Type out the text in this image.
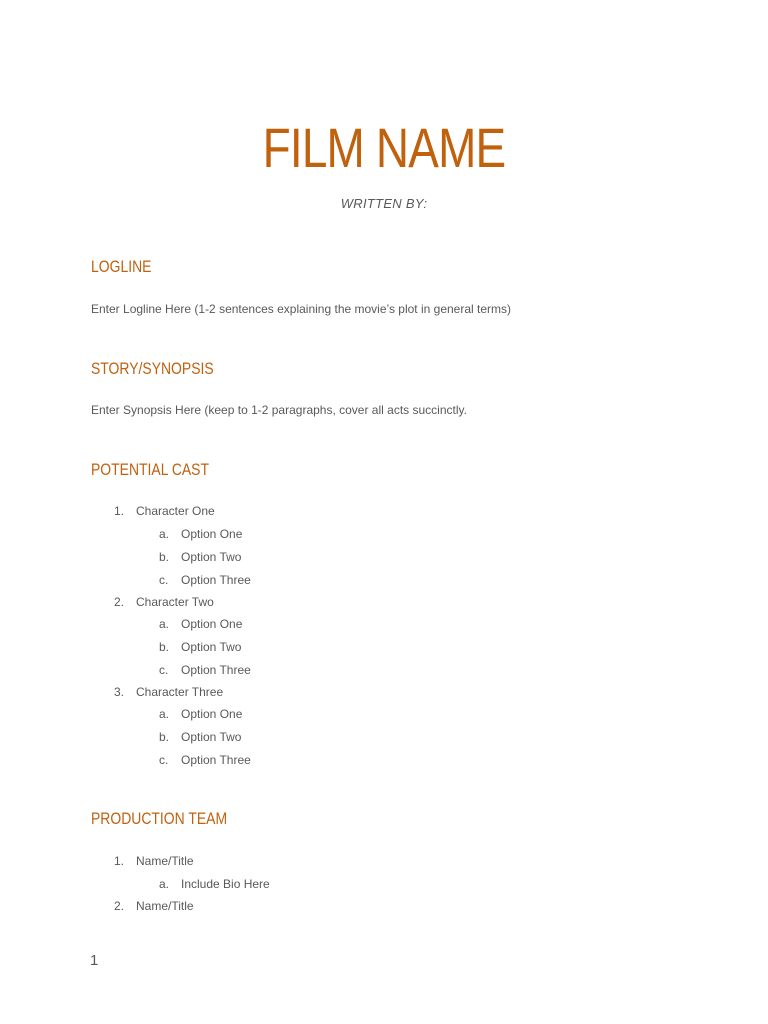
FILM NAME
WRITTEN BY:
LOGLINE
Enter Logline Here (1-2 sentences explaining the movie’s plot in general terms)
STORY/SYNOPSIS
Enter Synopsis Here (keep to 1-2 paragraphs, cover all acts succinctly.
POTENTIAL CAST
1. Character One
a. Option One
b. Option Two
c. Option Three
2. Character Two
a. Option One
b. Option Two
c. Option Three
3. Character Three
a. Option One
b. Option Two
c. Option Three
PRODUCTION TEAM
1. Name/Title
a. Include Bio Here
2. Name/Title
1
